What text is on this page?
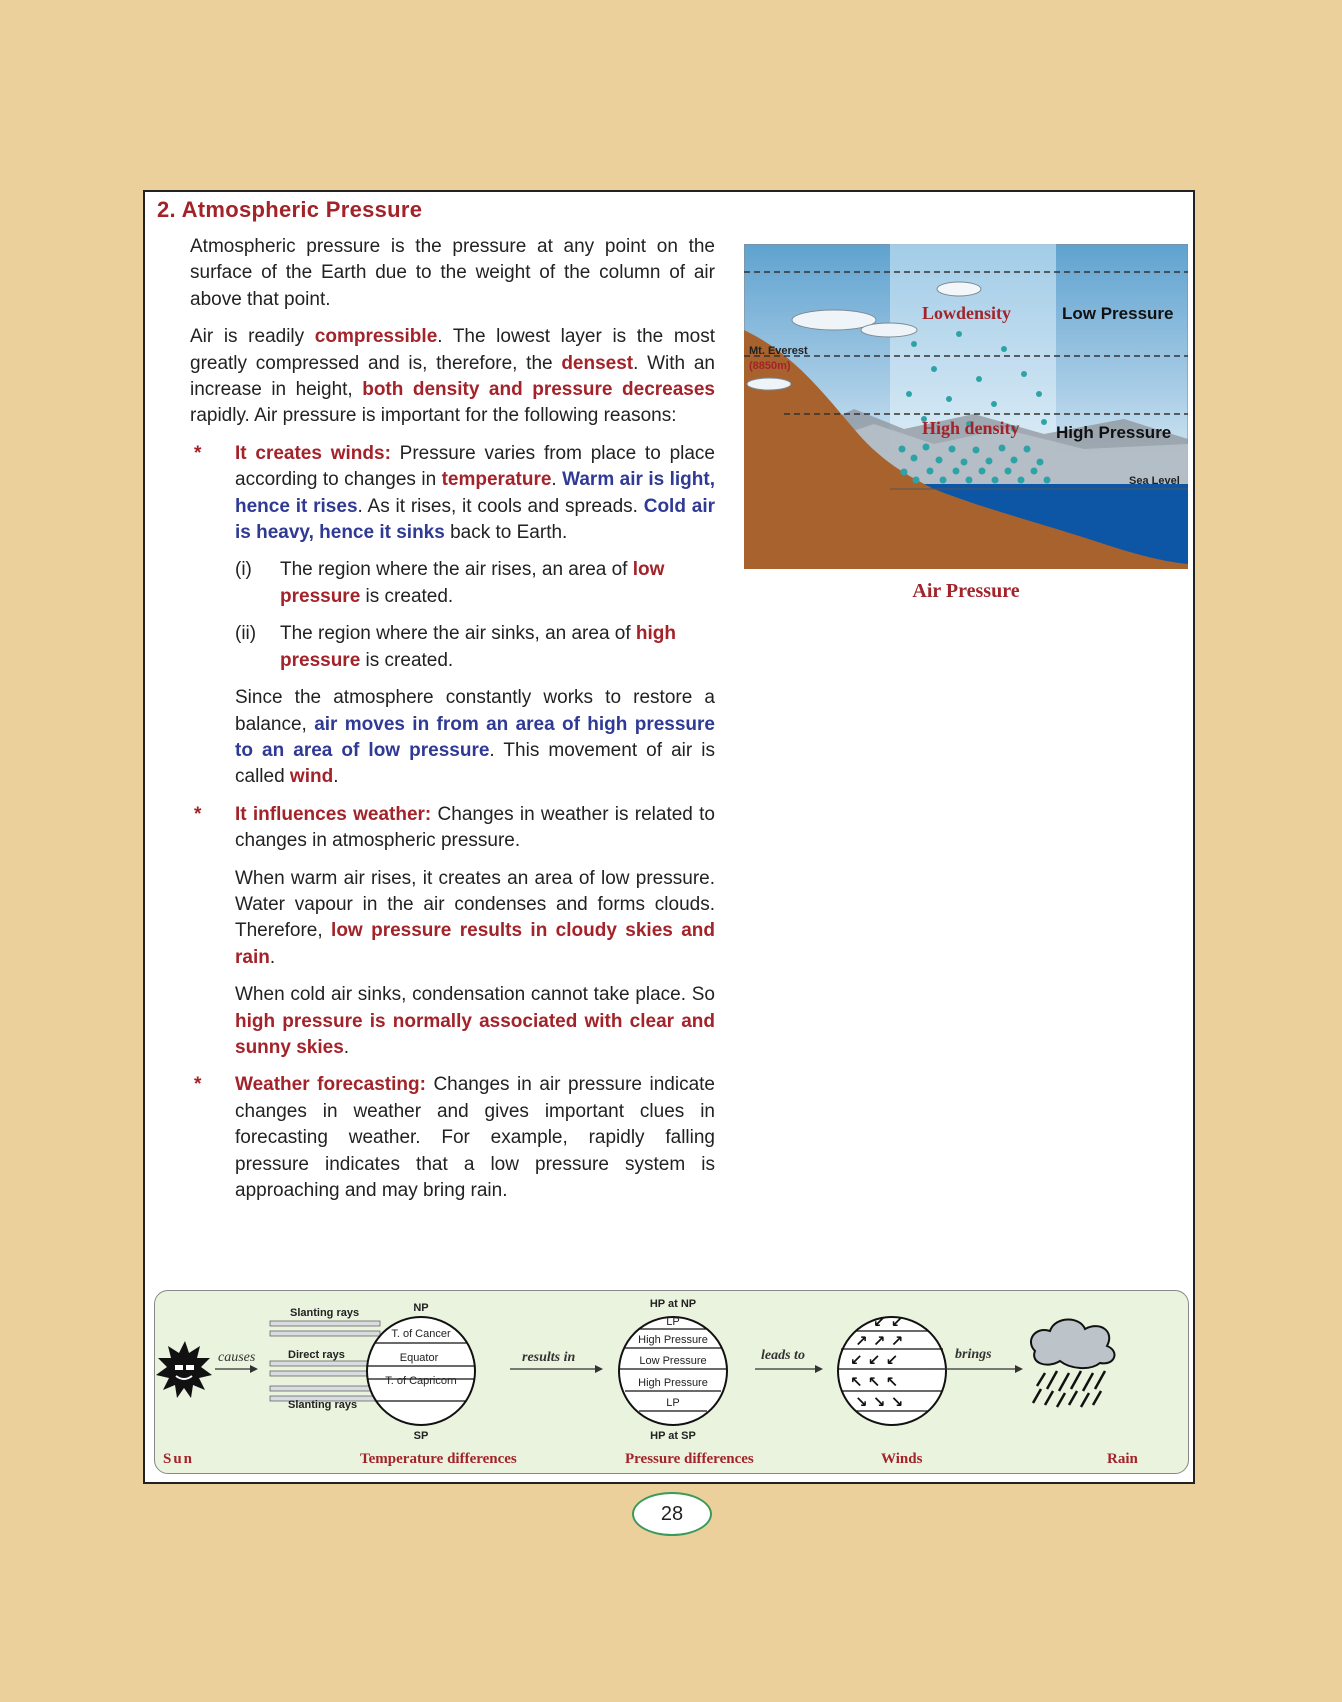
2. Atmospheric Pressure

Atmospheric pressure is the pressure at any point on the surface of the Earth due to the weight of the column of air above that point.

Air is readily compressible. The lowest layer is the most greatly compressed and is, therefore, the densest. With an increase in height, both density and pressure decreases rapidly. Air pressure is important for the following reasons:

* It creates winds: Pressure varies from place to place according to changes in temperature. Warm air is light, hence it rises. As it rises, it cools and spreads. Cold air is heavy, hence it sinks back to Earth.

(i) The region where the air rises, an area of low pressure is created.
(ii) The region where the air sinks, an area of high pressure is created.

Since the atmosphere constantly works to restore a balance, air moves in from an area of high pressure to an area of low pressure. This movement of air is called wind.

* It influences weather: Changes in weather is related to changes in atmospheric pressure.

When warm air rises, it creates an area of low pressure. Water vapour in the air condenses and forms clouds. Therefore, low pressure results in cloudy skies and rain.

When cold air sinks, condensation cannot take place. So high pressure is normally associated with clear and sunny skies.

* Weather forecasting: Changes in air pressure indicate changes in weather and gives important clues in forecasting weather. For example, rapidly falling pressure indicates that a low pressure system is approaching and may bring rain.

Lowdensity
High density
Low Pressure
High Pressure
Mt. Everest
(8850m)
Sea Level
Air Pressure
causes
Slanting rays
Direct rays
Slanting rays
NP
T. of Cancer
Equator
T. of Capricorn
SP
results in
HP at NP
LP
High Pressure
Low Pressure
High Pressure
LP
HP at SP
leads to
↙ ↙
↗ ↗ ↗
↙ ↙ ↙
↖ ↖ ↖
↘ ↘ ↘
brings
Sun	Temperature differences	Pressure differences	Winds	Rain
28
